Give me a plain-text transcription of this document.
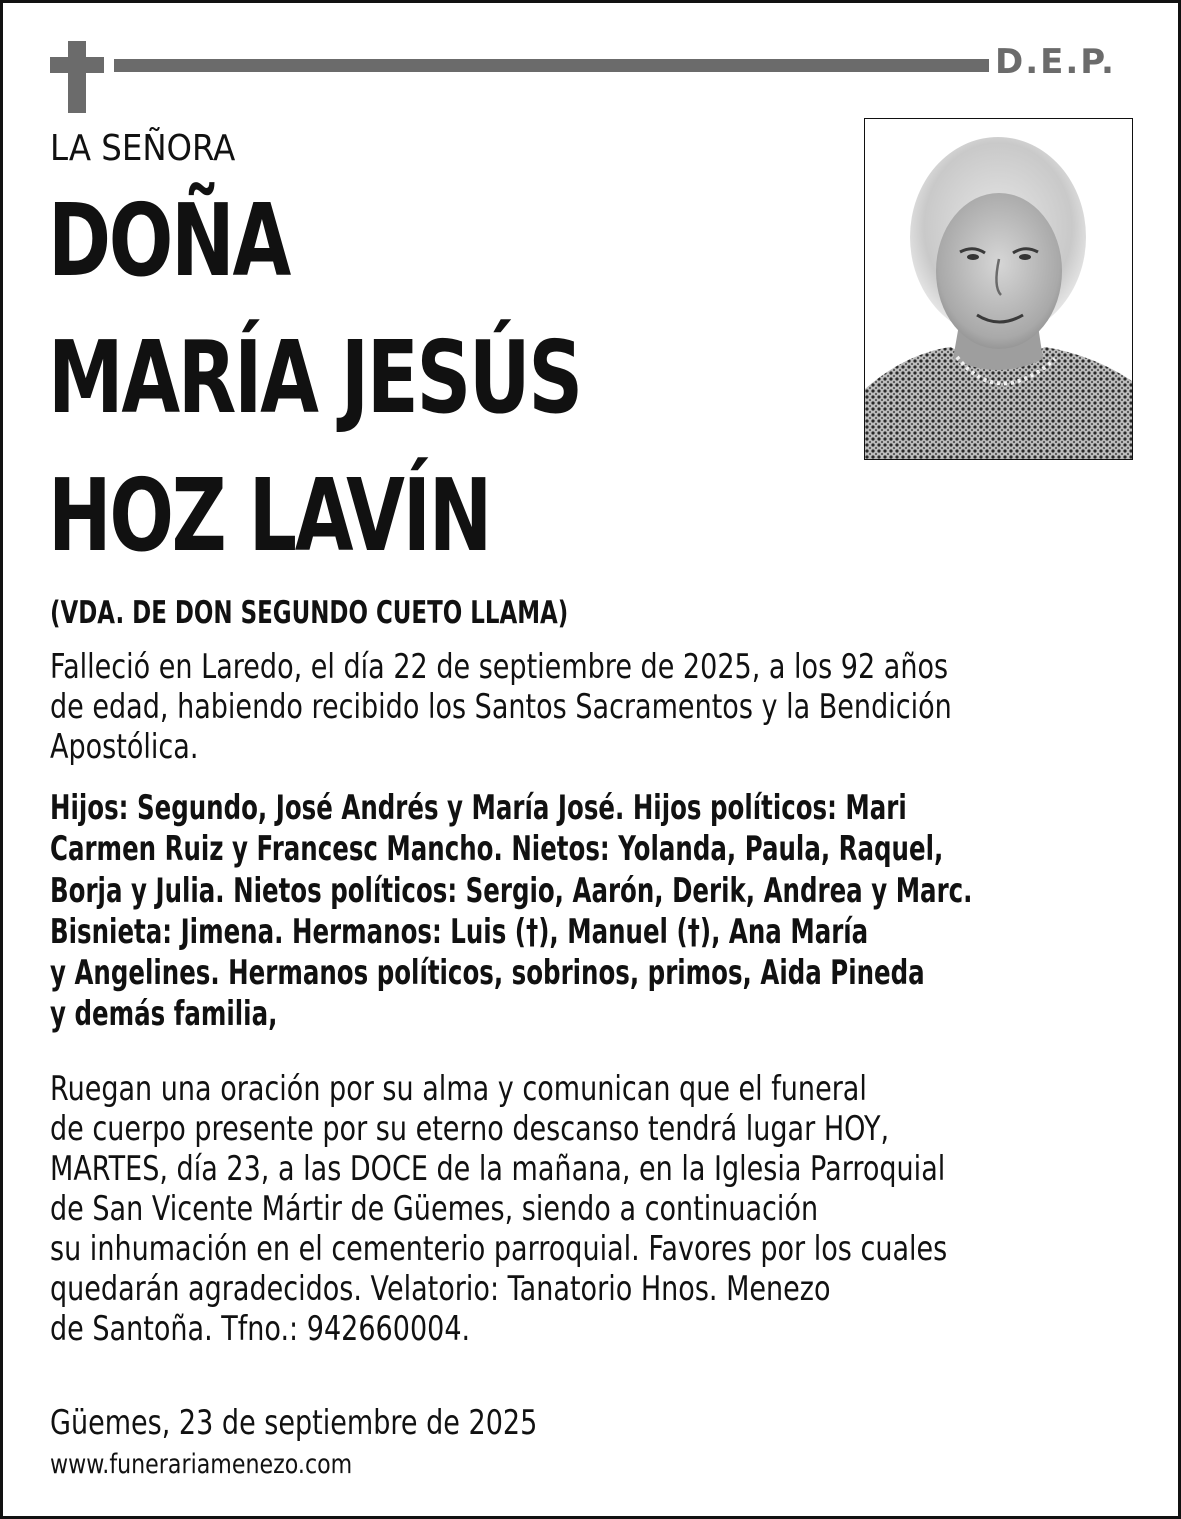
D.E.P.
LA SEÑORA
DOÑA
MARÍA JESÚS
HOZ LAVÍN
(VDA. DE DON SEGUNDO CUETO LLAMA)
Falleció en Laredo, el día 22 de septiembre de 2025, a los 92 años
de edad, habiendo recibido los Santos Sacramentos y la Bendición
Apostólica.
Hijos: Segundo, José Andrés y María José. Hijos políticos: Mari
Carmen Ruiz y Francesc Mancho. Nietos: Yolanda, Paula, Raquel,
Borja y Julia. Nietos políticos: Sergio, Aarón, Derik, Andrea y Marc.
Bisnieta: Jimena. Hermanos: Luis (†), Manuel (†), Ana María
y Angelines. Hermanos políticos, sobrinos, primos, Aida Pineda
y demás familia,
Ruegan una oración por su alma y comunican que el funeral
de cuerpo presente por su eterno descanso tendrá lugar HOY,
MARTES, día 23, a las DOCE de la mañana, en la Iglesia Parroquial
de San Vicente Mártir de Güemes, siendo a continuación
su inhumación en el cementerio parroquial. Favores por los cuales
quedarán agradecidos. Velatorio: Tanatorio Hnos. Menezo
de Santoña. Tfno.: 942660004.
Güemes, 23 de septiembre de 2025
www.funerariamenezo.com
